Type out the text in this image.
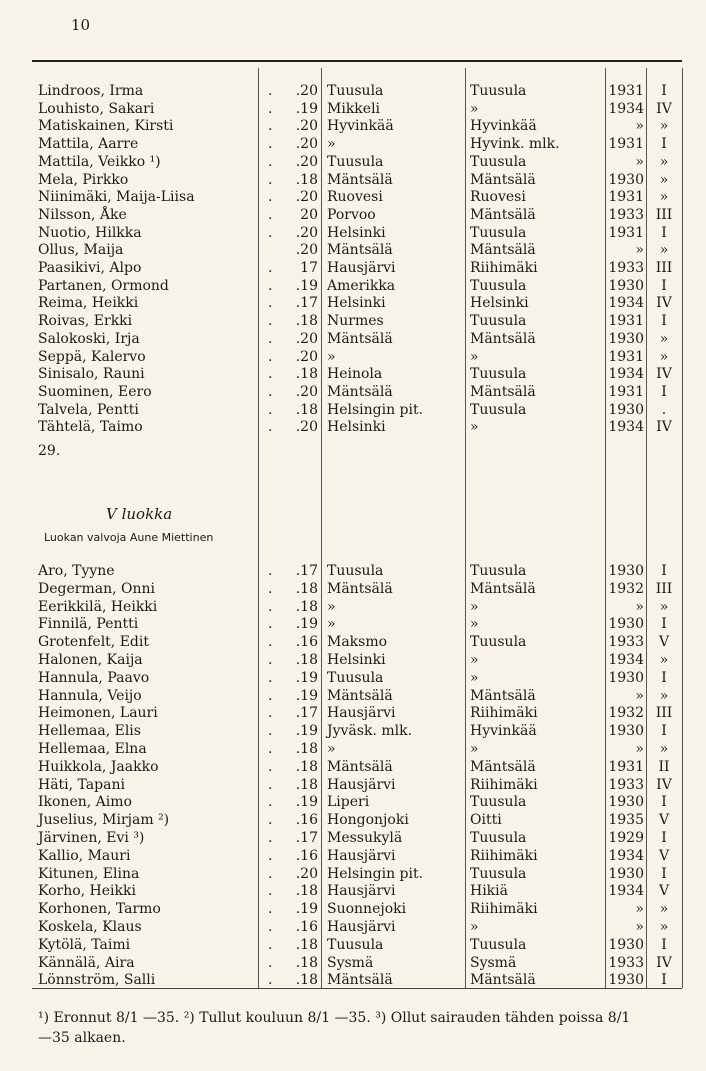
10
Lindroos, Irma	.	.20 Tuusula	Tuusula	1931	I
Louhisto, Sakari	.	.19 Mikkeli	»	1934 IV
Matiskainen, Kirsti	.	.20 Hyvinkää	Hyvinkää	»	»
Mattila, Aarre	.	.20 »	Hyvink. mlk.	1931	I
Mattila, Veikko ¹)	.	.20 Tuusula	Tuusula	»	»
Mela, Pirkko	.	.18 Mäntsälä	Mäntsälä	1930	»
Niinimäki, Maija-Liisa	.	.20 Ruovesi	Ruovesi	1931	»
Nilsson, Åke	.	20 Porvoo	Mäntsälä	1933 III
Nuotio, Hilkka	.	.20 Helsinki	Tuusula	1931	I
Ollus, Maija	.20 Mäntsälä	Mäntsälä	»	»
Paasikivi, Alpo	.	17 Hausjärvi	Riihimäki	1933 III
Partanen, Ormond	.	.19 Amerikka	Tuusula	1930	I
Reima, Heikki	.	.17 Helsinki	Helsinki	1934 IV
Roivas, Erkki	.	.18 Nurmes	Tuusula	1931	I
Salokoski, Irja	.	.20 Mäntsälä	Mäntsälä	1930	»
Seppä, Kalervo	.	.20 »	»	1931	»
Sinisalo, Rauni	.	.18 Heinola	Tuusula	1934 IV
Suominen, Eero	.	.20 Mäntsälä	Mäntsälä	1931	I
Talvela, Pentti	.	.18 Helsingin pit.	Tuusula	1930	.
Tähtelä, Taimo	.	.20 Helsinki	»	1934 IV
29.
V luokka
Luokan valvoja Aune Miettinen
Aro, Tyyne	.	.17 Tuusula	Tuusula	1930	I
Degerman, Onni	.	.18 Mäntsälä	Mäntsälä	1932 III
Eerikkilä, Heikki	.	.18 »	»	»	»
Finnilä, Pentti	.	.19 »	»	1930	I
Grotenfelt, Edit	.	.16 Maksmo	Tuusula	1933	V
Halonen, Kaija	.	.18 Helsinki	»	1934	»
Hannula, Paavo	.	.19 Tuusula	»	1930	I
Hannula, Veijo	.	.19 Mäntsälä	Mäntsälä	»	»
Heimonen, Lauri	.	.17 Hausjärvi	Riihimäki	1932 III
Hellemaa, Elis	.	.19 Jyväsk. mlk.	Hyvinkää	1930	I
Hellemaa, Elna	.	.18 »	»	»	»
Huikkola, Jaakko	.	.18 Mäntsälä	Mäntsälä	1931	II
Häti, Tapani	.	.18 Hausjärvi	Riihimäki	1933 IV
Ikonen, Aimo	.	.19 Liperi	Tuusula	1930	I
Juselius, Mirjam ²)	.	.16 Hongonjoki	Oitti	1935	V
Järvinen, Evi ³)	.	.17 Messukylä	Tuusula	1929	I
Kallio, Mauri	.	.16 Hausjärvi	Riihimäki	1934	V
Kitunen, Elina	.	.20 Helsingin pit.	Tuusula	1930	I
Korho, Heikki	.	.18 Hausjärvi	Hikiä	1934	V
Korhonen, Tarmo	.	.19 Suonnejoki	Riihimäki	»	»
Koskela, Klaus	.	.16 Hausjärvi	»	»	»
Kytölä, Taimi	.	.18 Tuusula	Tuusula	1930	I
Kännälä, Aira	.	.18 Sysmä	Sysmä	1933 IV
Lönnström, Salli	.	.18 Mäntsälä	Mäntsälä	1930	I
¹) Eronnut 8/1 —35. ²) Tullut kouluun 8/1 —35. ³) Ollut sairauden tähden poissa 8/1 —35 alkaen.
